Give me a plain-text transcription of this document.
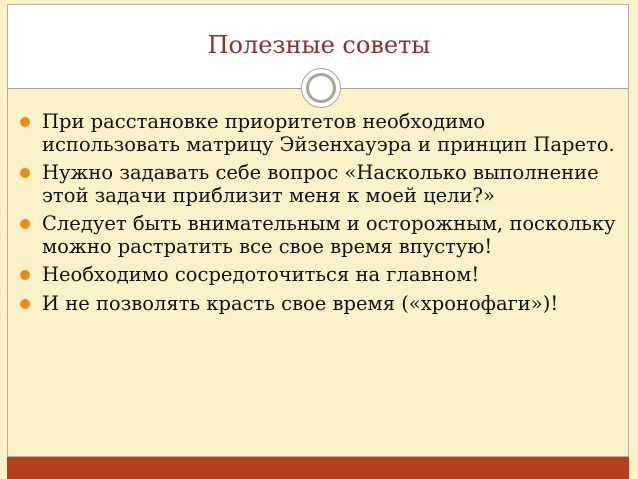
Полезные советы
При расстановке приоритетов необходимо использовать матрицу Эйзенхауэра и принцип Парето.
Нужно задавать себе вопрос «Насколько выполнение этой задачи приблизит меня к моей цели?»
Следует быть внимательным и осторожным, поскольку можно растратить все свое время впустую!
Необходимо сосредоточиться на главном!
И не позволять красть свое время («хронофаги»)!
